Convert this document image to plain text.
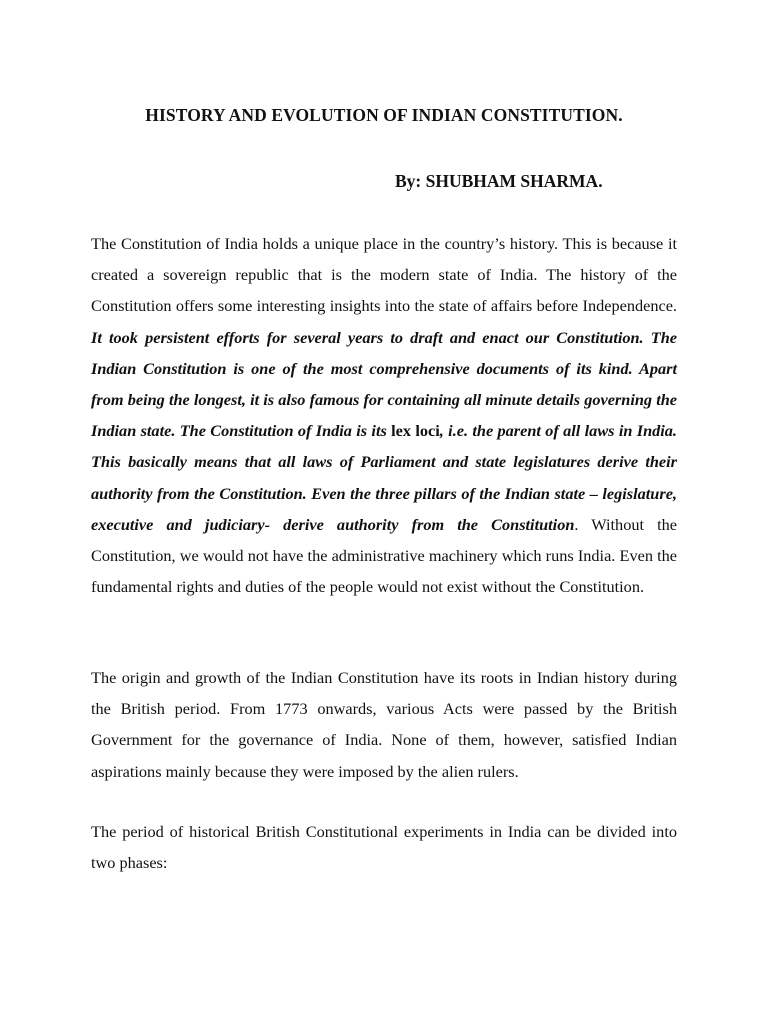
HISTORY AND EVOLUTION OF INDIAN CONSTITUTION.

By: SHUBHAM SHARMA.

The Constitution of India holds a unique place in the country’s history. This is because it created a sovereign republic that is the modern state of India. The history of the Constitution offers some interesting insights into the state of affairs before Independence. It took persistent efforts for several years to draft and enact our Constitution. The Indian Constitution is one of the most comprehensive documents of its kind. Apart from being the longest, it is also famous for containing all minute details governing the Indian state. The Constitution of India is its lex loci, i.e. the parent of all laws in India. This basically means that all laws of Parliament and state legislatures derive their authority from the Constitution. Even the three pillars of the Indian state – legislature, executive and judiciary- derive authority from the Constitution. Without the Constitution, we would not have the administrative machinery which runs India. Even the fundamental rights and duties of the people would not exist without the Constitution.

The origin and growth of the Indian Constitution have its roots in Indian history during the British period. From 1773 onwards, various Acts were passed by the British Government for the governance of India. None of them, however, satisfied Indian aspirations mainly because they were imposed by the alien rulers.

The period of historical British Constitutional experiments in India can be divided into two phases:
